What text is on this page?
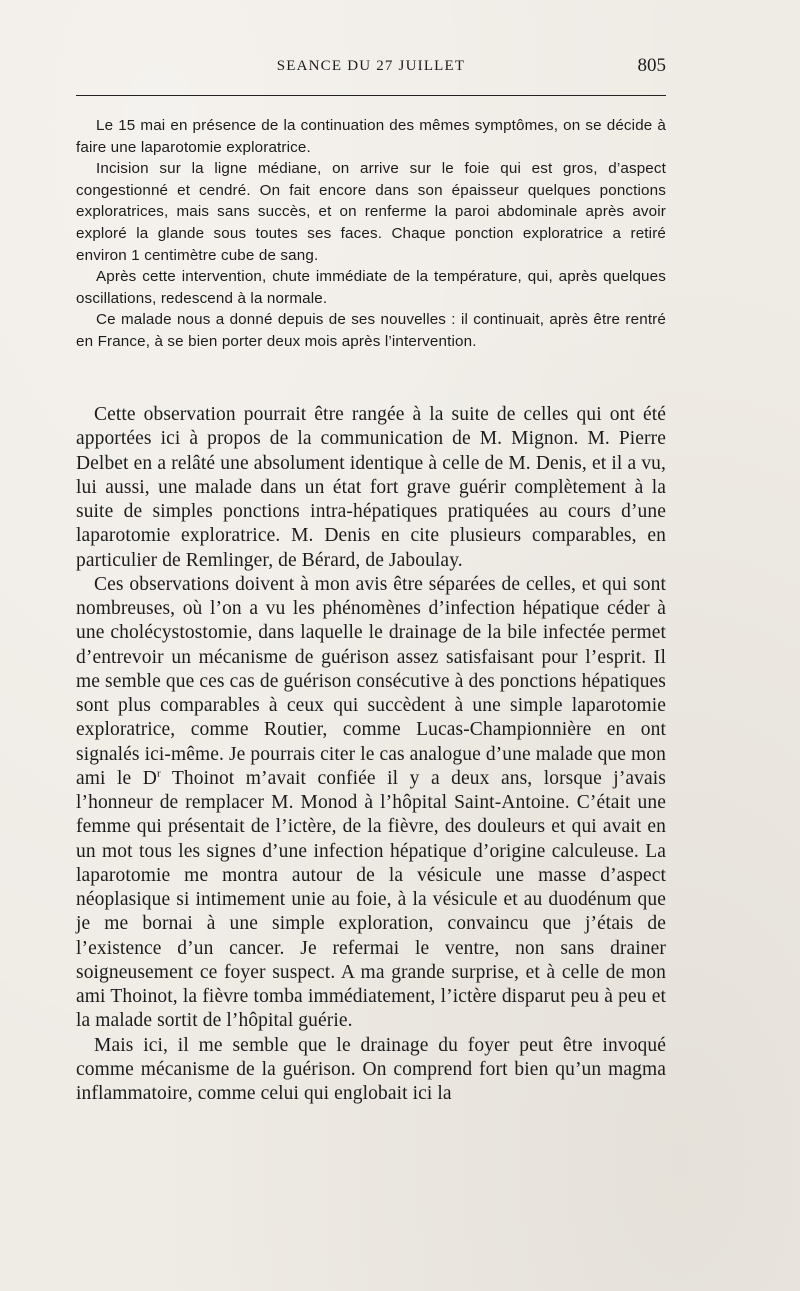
SEANCE DU 27 JUILLET	805

Le 15 mai en présence de la continuation des mêmes symptômes, on se décide à faire une laparotomie exploratrice.

Incision sur la ligne médiane, on arrive sur le foie qui est gros, d’aspect congestionné et cendré. On fait encore dans son épaisseur quelques ponctions exploratrices, mais sans succès, et on renferme la paroi abdominale après avoir exploré la glande sous toutes ses faces. Chaque ponction exploratrice a retiré environ 1 centimètre cube de sang.

Après cette intervention, chute immédiate de la température, qui, après quelques oscillations, redescend à la normale.

Ce malade nous a donné depuis de ses nouvelles : il continuait, après être rentré en France, à se bien porter deux mois après l’intervention.

Cette observation pourrait être rangée à la suite de celles qui ont été apportées ici à propos de la communication de M. Mignon. M. Pierre Delbet en a relâté une absolument identique à celle de M. Denis, et il a vu, lui aussi, une malade dans un état fort grave guérir complètement à la suite de simples ponctions intra-hépatiques pratiquées au cours d’une laparotomie exploratrice. M. Denis en cite plusieurs comparables, en particulier de Remlinger, de Bérard, de Jaboulay.

Ces observations doivent à mon avis être séparées de celles, et qui sont nombreuses, où l’on a vu les phénomènes d’infection hépatique céder à une cholécystostomie, dans laquelle le drainage de la bile infectée permet d’entrevoir un mécanisme de guérison assez satisfaisant pour l’esprit. Il me semble que ces cas de guérison consécutive à des ponctions hépatiques sont plus comparables à ceux qui succèdent à une simple laparotomie exploratrice, comme Routier, comme Lucas-Championnière en ont signalés ici-même. Je pourrais citer le cas analogue d’une malade que mon ami le $D^r$ Thoinot m’avait confiée il y a deux ans, lorsque j’avais l’honneur de remplacer M. Monod à l’hôpital Saint-Antoine. C’était une femme qui présentait de l’ictère, de la fièvre, des douleurs et qui avait en un mot tous les signes d’une infection hépatique d’origine calculeuse. La laparotomie me montra autour de la vésicule une masse d’aspect néoplasique si intimement unie au foie, à la vésicule et au duodénum que je me bornai à une simple exploration, convaincu que j’étais de l’existence d’un cancer. Je refermai le ventre, non sans drainer soigneusement ce foyer suspect. A ma grande surprise, et à celle de mon ami Thoinot, la fièvre tomba immédiatement, l’ictère disparut peu à peu et la malade sortit de l’hôpital guérie.

Mais ici, il me semble que le drainage du foyer peut être invoqué comme mécanisme de la guérison. On comprend fort bien qu’un magma inflammatoire, comme celui qui englobait ici la
